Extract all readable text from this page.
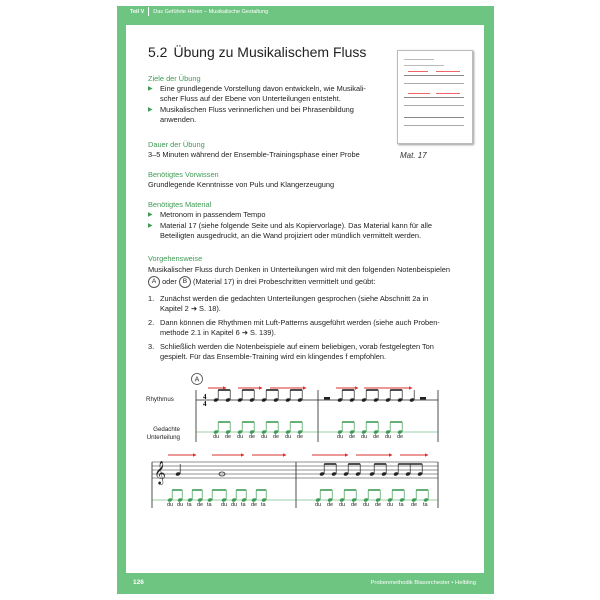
Teil V Das Geführte Hören – Musikalische Gestaltung
5.2 Übung zu Musikalischem Fluss
Mat. 17
Ziele der Übung
▶ Eine grundlegende Vorstellung davon entwickeln, wie Musikali-
scher Fluss auf der Ebene von Unterteilungen entsteht.
▶ Musikalischen Fluss verinnerlichen und bei Phrasenbildung
anwenden.
Dauer der Übung
3–5 Minuten während der Ensemble-Trainingsphase einer Probe
Benötigtes Vorwissen
Grundlegende Kenntnisse von Puls und Klangerzeugung
Benötigtes Material
▶ Metronom in passendem Tempo
▶ Material 17 (siehe folgende Seite und als Kopiervorlage). Das Material kann für alle
Beteiligten ausgedruckt, an die Wand projiziert oder mündlich vermittelt werden.
Vorgehensweise
Musikalischer Fluss durch Denken in Unterteilungen wird mit den folgenden Notenbeispielen
A oder B (Material 17) in drei Probeschritten vermittelt und geübt:
1. Zunächst werden die gedachten Unterteilungen gesprochen (siehe Abschnitt 2a in
Kapitel 2 ➜ S. 18).
2. Dann können die Rhythmen mit Luft-Patterns ausgeführt werden (siehe auch Proben-
methode 2.1 in Kapitel 6 ➜ S. 139).
3. Schließlich werden die Notenbeispiele auf einem beliebigen, vorab festgelegten Ton
gespielt. Für das Ensemble-Training wird ein klingendes f empfohlen.
Rhythmus
Gedachte
Unterteilung
A
4
4
𝄞
du de du de du de du de	du de du de du de
du du ta de ta du du ta de ta	du de du de du de du ta de ta
126	Probenmethodik Blasorchester • Helbling
